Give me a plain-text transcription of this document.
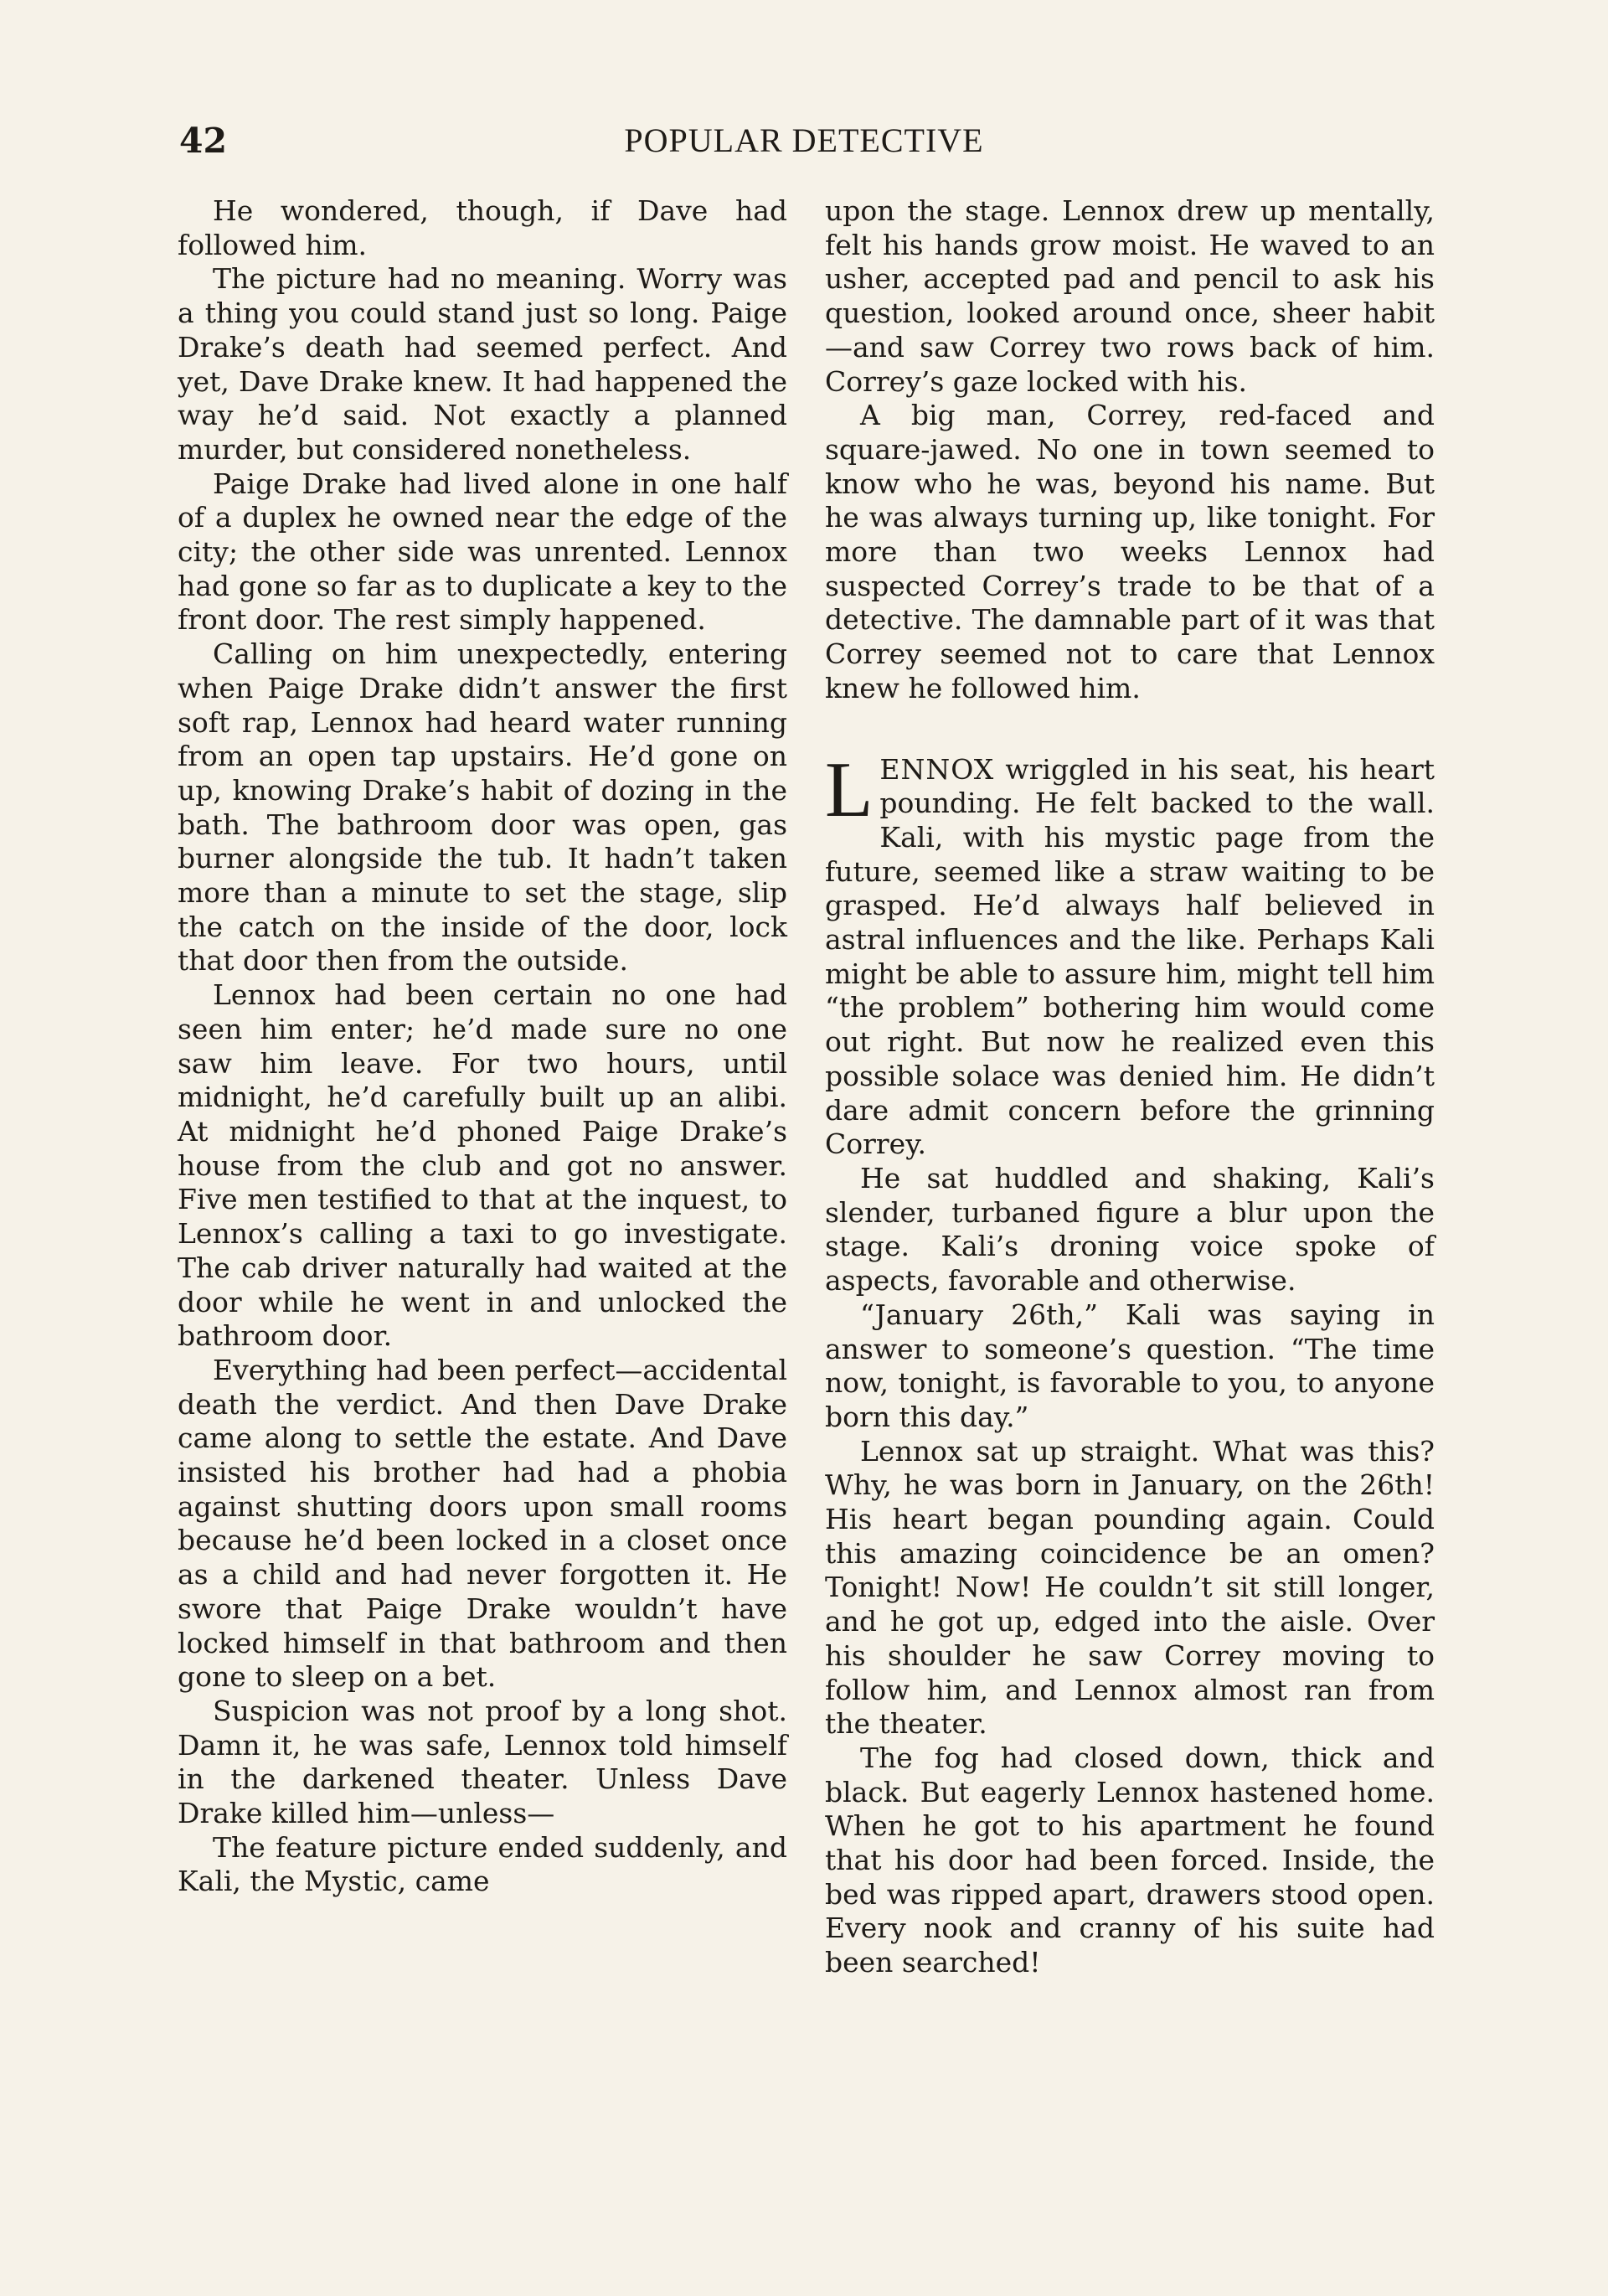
42	POPULAR DETECTIVE

He wondered, though, if Dave had followed him.

The picture had no meaning. Worry was a thing you could stand just so long. Paige Drake’s death had seemed perfect. And yet, Dave Drake knew. It had happened the way he’d said. Not exactly a planned murder, but considered nonetheless.

Paige Drake had lived alone in one half of a duplex he owned near the edge of the city; the other side was unrented. Lennox had gone so far as to duplicate a key to the front door. The rest simply happened.

Calling on him unexpectedly, entering when Paige Drake didn’t answer the first soft rap, Lennox had heard water running from an open tap upstairs. He’d gone on up, knowing Drake’s habit of dozing in the bath. The bathroom door was open, gas burner alongside the tub. It hadn’t taken more than a minute to set the stage, slip the catch on the inside of the door, lock that door then from the outside.

Lennox had been certain no one had seen him enter; he’d made sure no one saw him leave. For two hours, until midnight, he’d carefully built up an alibi. At midnight he’d phoned Paige Drake’s house from the club and got no answer. Five men testified to that at the inquest, to Lennox’s calling a taxi to go investigate. The cab driver naturally had waited at the door while he went in and unlocked the bathroom door.

Everything had been perfect—accidental death the verdict. And then Dave Drake came along to settle the estate. And Dave insisted his brother had had a phobia against shutting doors upon small rooms because he’d been locked in a closet once as a child and had never forgotten it. He swore that Paige Drake wouldn’t have locked himself in that bathroom and then gone to sleep on a bet.

Suspicion was not proof by a long shot. Damn it, he was safe, Lennox told himself in the darkened theater. Unless Dave Drake killed him—unless—

The feature picture ended suddenly, and Kali, the Mystic, came

upon the stage. Lennox drew up mentally, felt his hands grow moist. He waved to an usher, accepted pad and pencil to ask his question, looked around once, sheer habit—and saw Correy two rows back of him. Correy’s gaze locked with his.

A big man, Correy, red-faced and square-jawed. No one in town seemed to know who he was, beyond his name. But he was always turning up, like tonight. For more than two weeks Lennox had suspected Correy’s trade to be that of a detective. The damnable part of it was that Correy seemed not to care that Lennox knew he followed him.

LENNOX wriggled in his seat, his heart pounding. He felt backed to the wall. Kali, with his mystic page from the future, seemed like a straw waiting to be grasped. He’d always half believed in astral influences and the like. Perhaps Kali might be able to assure him, might tell him “the problem” bothering him would come out right. But now he realized even this possible solace was denied him. He didn’t dare admit concern before the grinning Correy.

He sat huddled and shaking, Kali’s slender, turbaned figure a blur upon the stage. Kali’s droning voice spoke of aspects, favorable and otherwise.

“January 26th,” Kali was saying in answer to someone’s question. “The time now, tonight, is favorable to you, to anyone born this day.”

Lennox sat up straight. What was this? Why, he was born in January, on the 26th! His heart began pounding again. Could this amazing coincidence be an omen? Tonight! Now! He couldn’t sit still longer, and he got up, edged into the aisle. Over his shoulder he saw Correy moving to follow him, and Lennox almost ran from the theater.

The fog had closed down, thick and black. But eagerly Lennox hastened home. When he got to his apartment he found that his door had been forced. Inside, the bed was ripped apart, drawers stood open. Every nook and cranny of his suite had been searched!
